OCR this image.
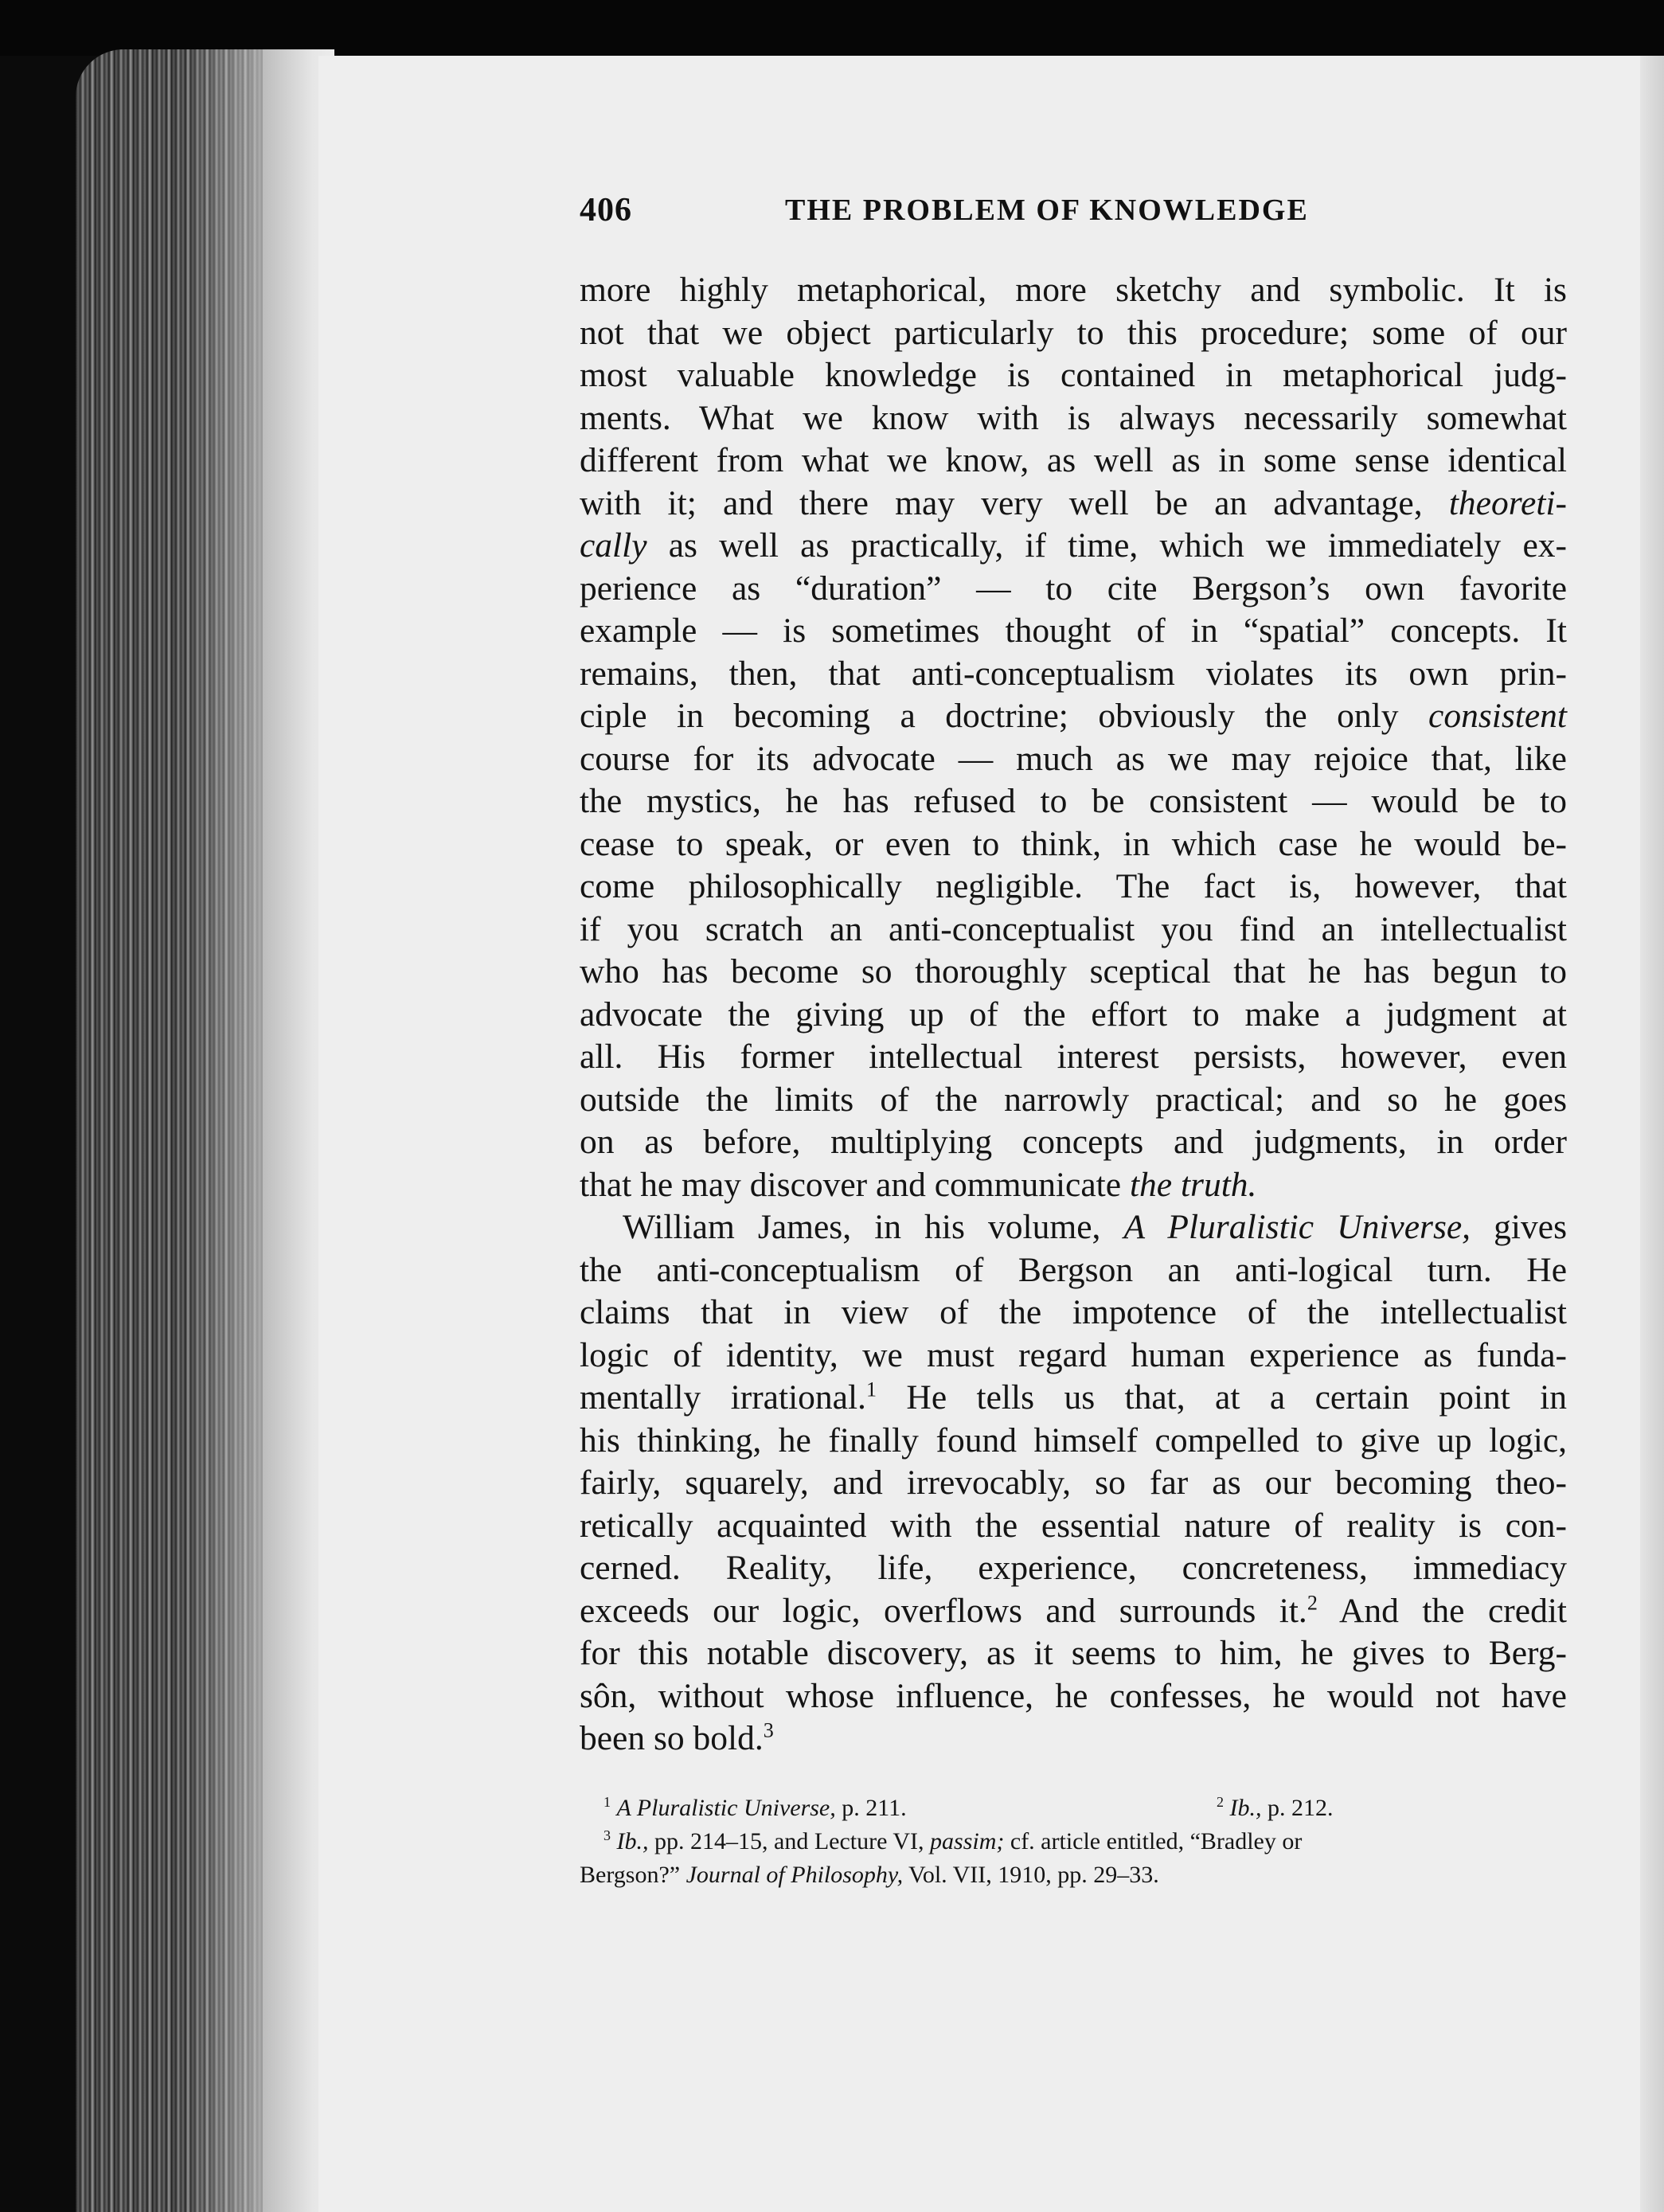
406	THE PROBLEM OF KNOWLEDGE
more highly metaphorical, more sketchy and symbolic. It is
not that we object particularly to this procedure; some of our
most valuable knowledge is contained in metaphorical judg-
ments. What we know with is always necessarily somewhat
different from what we know, as well as in some sense identical
with it; and there may very well be an advantage, theoreti-
cally as well as practically, if time, which we immediately ex-
perience as “duration” — to cite Bergson’s own favorite
example — is sometimes thought of in “spatial” concepts. It
remains, then, that anti-conceptualism violates its own prin-
ciple in becoming a doctrine; obviously the only consistent
course for its advocate — much as we may rejoice that, like
the mystics, he has refused to be consistent — would be to
cease to speak, or even to think, in which case he would be-
come philosophically negligible. The fact is, however, that
if you scratch an anti-conceptualist you find an intellectualist
who has become so thoroughly sceptical that he has begun to
advocate the giving up of the effort to make a judgment at
all. His former intellectual interest persists, however, even
outside the limits of the narrowly practical; and so he goes
on as before, multiplying concepts and judgments, in order
that he may discover and communicate the truth.
William James, in his volume, A Pluralistic Universe, gives
the anti-conceptualism of Bergson an anti-logical turn. He
claims that in view of the impotence of the intellectualist
logic of identity, we must regard human experience as funda-
mentally irrational.$^1$ He tells us that, at a certain point in
his thinking, he finally found himself compelled to give up logic,
fairly, squarely, and irrevocably, so far as our becoming theo-
retically acquainted with the essential nature of reality is con-
cerned. Reality, life, experience, concreteness, immediacy
exceeds our logic, overflows and surrounds it.$^2$ And the credit
for this notable discovery, as it seems to him, he gives to Berg-
sôn, without whose influence, he confesses, he would not have
been so bold.$^3$
$^1$ A Pluralistic Universe, p. 211.	$^2$ Ib., p. 212.
$^3$ Ib., pp. 214–15, and Lecture VI, passim; cf. article entitled, “Bradley or
Bergson?” Journal of Philosophy, Vol. VII, 1910, pp. 29–33.
